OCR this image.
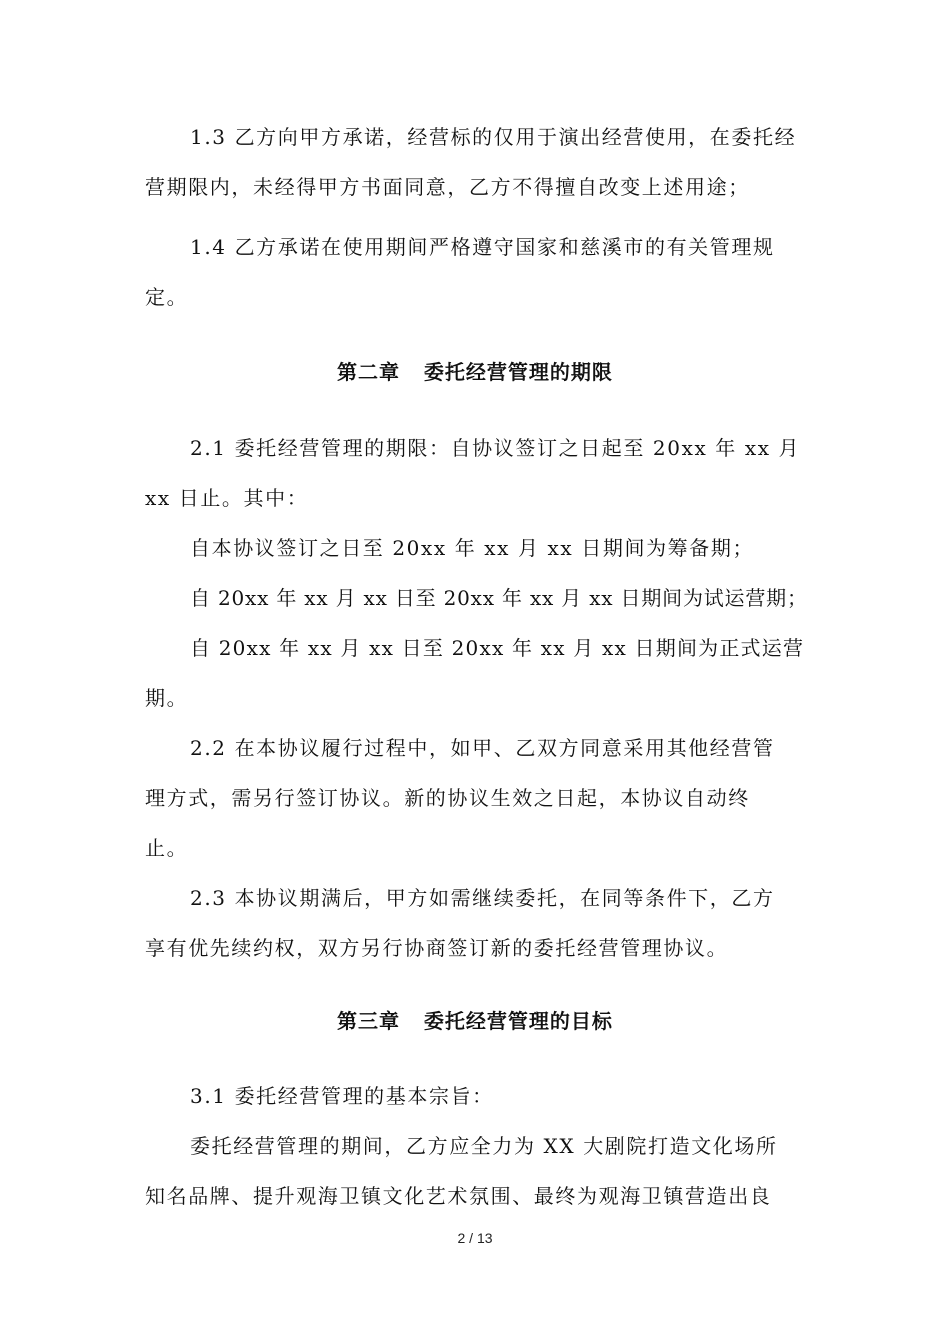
1.3 乙方向甲方承诺，经营标的仅用于演出经营使用，在委托经
营期限内，未经得甲方书面同意，乙方不得擅自改变上述用途；
1.4 乙方承诺在使用期间严格遵守国家和慈溪市的有关管理规
定。
第二章   委托经营管理的期限
2.1 委托经营管理的期限：自协议签订之日起至 20xx 年 xx 月
xx 日止。其中：
自本协议签订之日至 20xx 年 xx 月 xx 日期间为筹备期；
自 20xx 年 xx 月 xx 日至 20xx 年 xx 月 xx 日期间为试运营期；
自 20xx 年 xx 月 xx 日至 20xx 年 xx 月 xx 日期间为正式运营
期。
2.2 在本协议履行过程中，如甲、乙双方同意采用其他经营管
理方式，需另行签订协议。新的协议生效之日起，本协议自动终
止。
2.3 本协议期满后，甲方如需继续委托，在同等条件下，乙方
享有优先续约权，双方另行协商签订新的委托经营管理协议。
第三章   委托经营管理的目标
3.1 委托经营管理的基本宗旨：
委托经营管理的期间，乙方应全力为 XX 大剧院打造文化场所
知名品牌、提升观海卫镇文化艺术氛围、最终为观海卫镇营造出良
2 / 13
